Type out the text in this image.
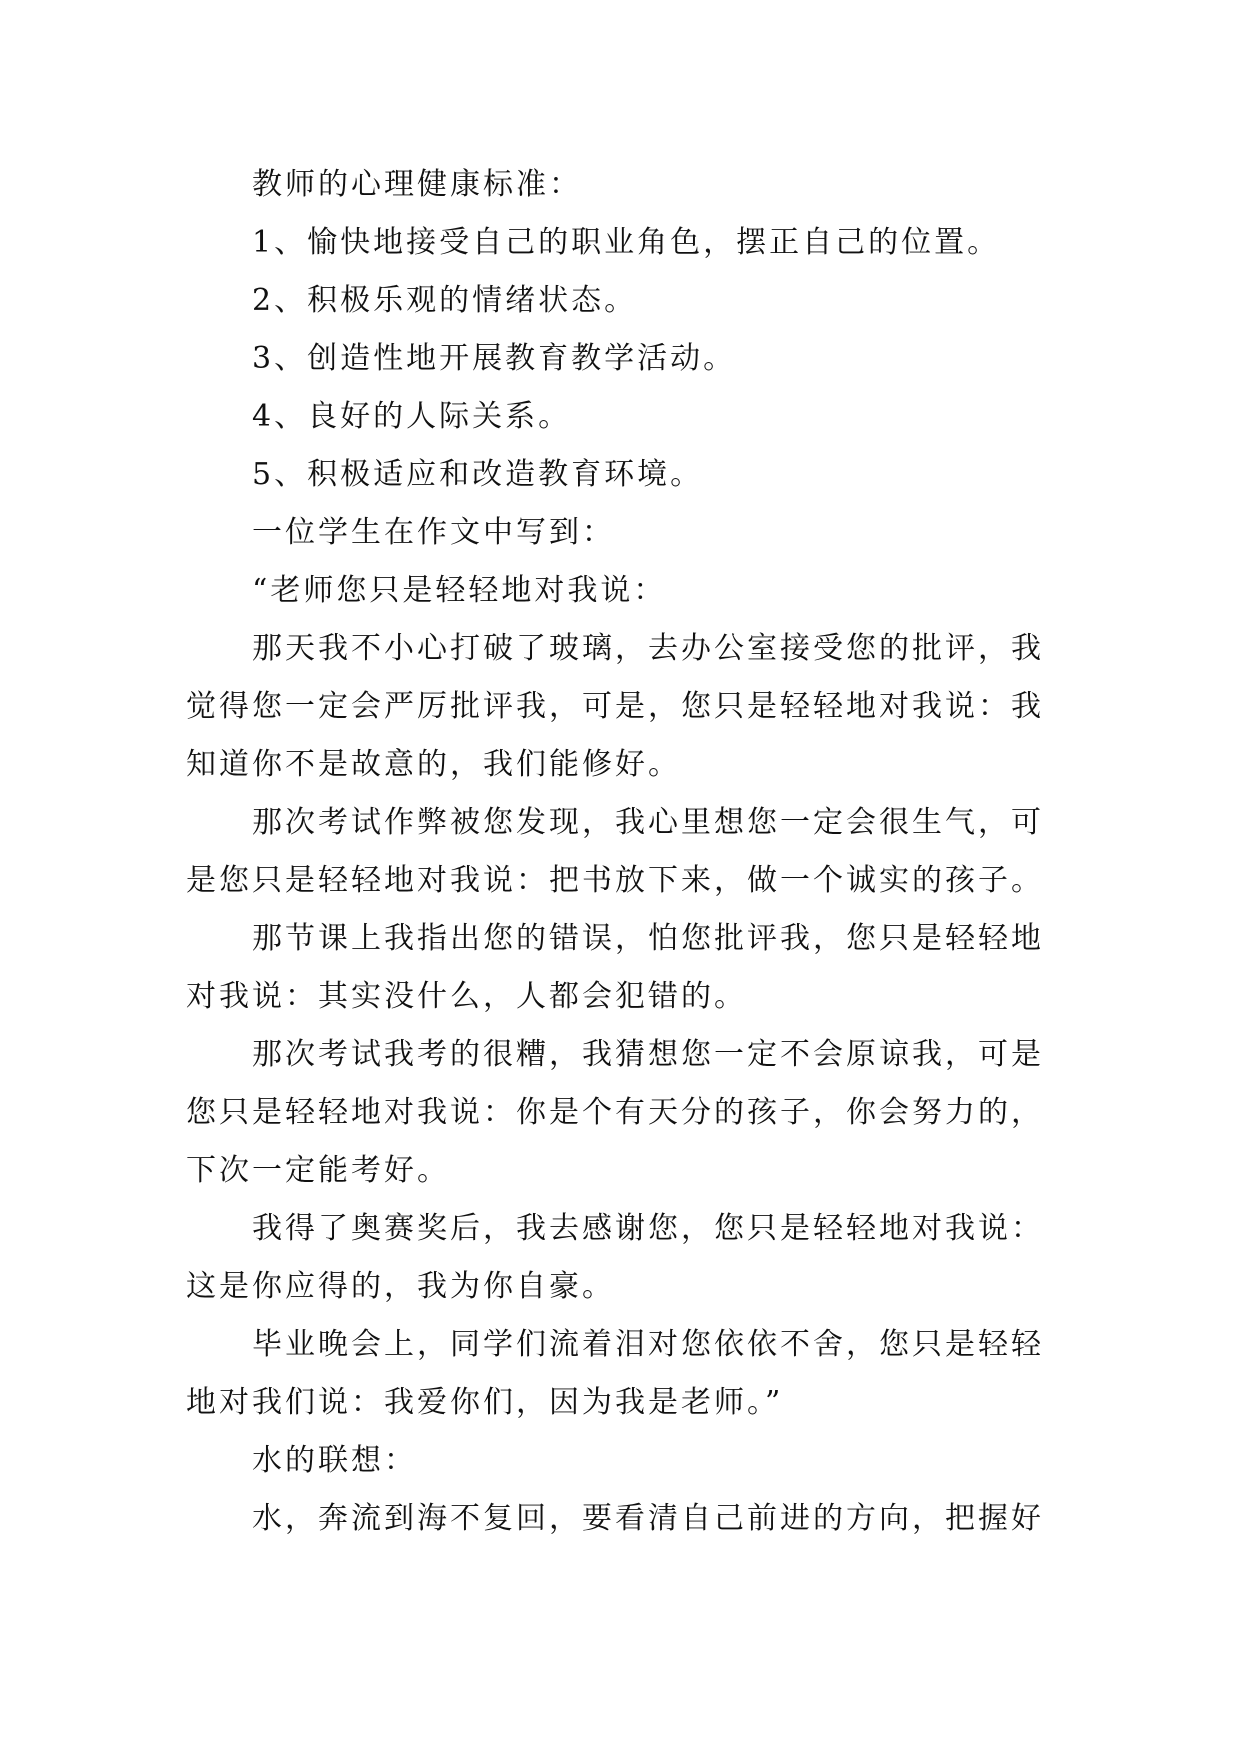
教师的心理健康标准：

1、愉快地接受自己的职业角色，摆正自己的位置。

2、积极乐观的情绪状态。

3、创造性地开展教育教学活动。

4、良好的人际关系。

5、积极适应和改造教育环境。

一位学生在作文中写到：

“老师您只是轻轻地对我说：

那天我不小心打破了玻璃，去办公室接受您的批评，我觉得您一定会严厉批评我，可是，您只是轻轻地对我说：我知道你不是故意的，我们能修好。

那次考试作弊被您发现，我心里想您一定会很生气，可是您只是轻轻地对我说：把书放下来，做一个诚实的孩子。

那节课上我指出您的错误，怕您批评我，您只是轻轻地对我说：其实没什么，人都会犯错的。

那次考试我考的很糟，我猜想您一定不会原谅我，可是您只是轻轻地对我说：你是个有天分的孩子，你会努力的，下次一定能考好。

我得了奥赛奖后，我去感谢您，您只是轻轻地对我说：这是你应得的，我为你自豪。

毕业晚会上，同学们流着泪对您依依不舍，您只是轻轻地对我们说：我爱你们，因为我是老师。”

水的联想：

水，奔流到海不复回，要看清自己前进的方向，把握好
